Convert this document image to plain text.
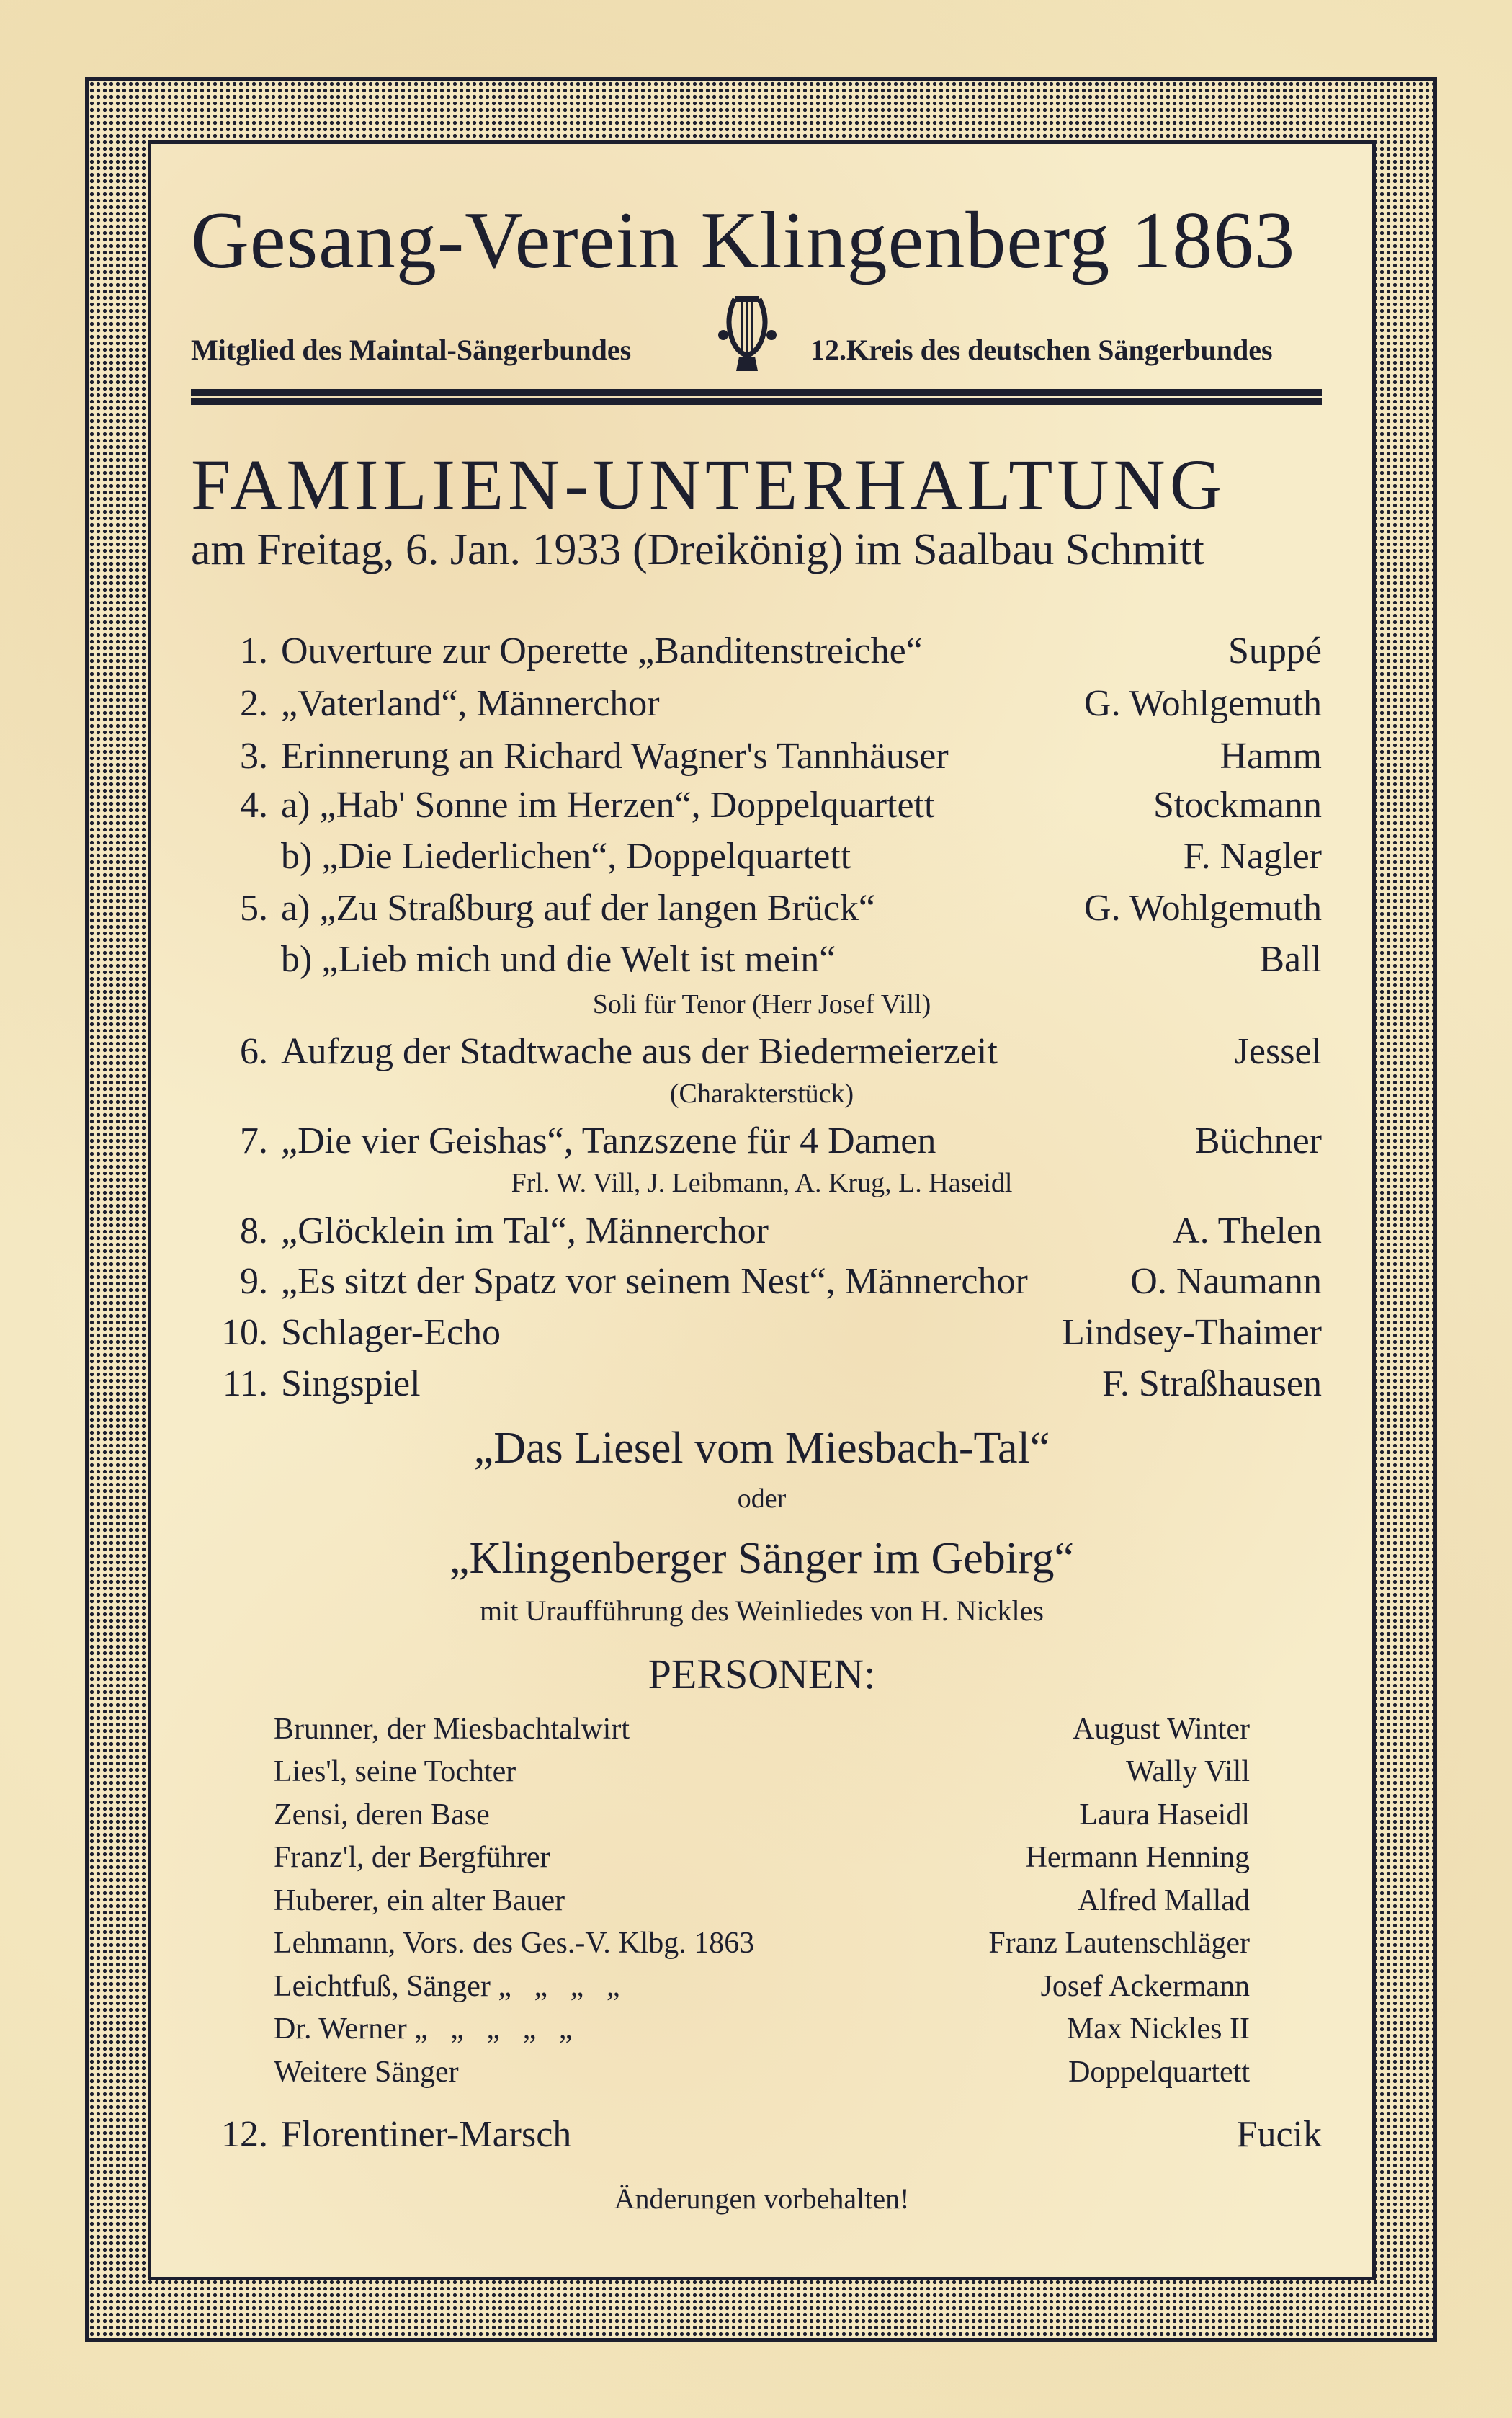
Gesang-Verein Klingenberg 1863
Mitglied des Maintal-Sängerbundes	12.Kreis des deutschen Sängerbundes
FAMILIEN-UNTERHALTUNG
am Freitag, 6. Jan. 1933 (Dreikönig) im Saalbau Schmitt
1. Ouverture zur Operette „Banditenstreiche“	Suppé
2. „Vaterland“, Männerchor	G. Wohlgemuth
3. Erinnerung an Richard Wagner's Tannhäuser	Hamm
4. a) „Hab' Sonne im Herzen“, Doppelquartett	Stockmann
b) „Die Liederlichen“, Doppelquartett	F. Nagler
5. a) „Zu Straßburg auf der langen Brück“	G. Wohlgemuth
b) „Lieb mich und die Welt ist mein“	Ball
Soli für Tenor (Herr Josef Vill)
6. Aufzug der Stadtwache aus der Biedermeierzeit	Jessel
(Charakterstück)
7. „Die vier Geishas“, Tanzszene für 4 Damen	Büchner
Frl. W. Vill, J. Leibmann, A. Krug, L. Haseidl
8. „Glöcklein im Tal“, Männerchor	A. Thelen
9. „Es sitzt der Spatz vor seinem Nest“, Männerchor	O. Naumann
10. Schlager-Echo	Lindsey-Thaimer
11. Singspiel	F. Straßhausen
„Das Liesel vom Miesbach-Tal“
oder
„Klingenberger Sänger im Gebirg“
mit Uraufführung des Weinliedes von H. Nickles
PERSONEN:
Brunner, der Miesbachtalwirt	August Winter
Lies'l, seine Tochter	Wally Vill
Zensi, deren Base	Laura Haseidl
Franz'l, der Bergführer	Hermann Henning
Huberer, ein alter Bauer	Alfred Mallad
Lehmann, Vors. des Ges.-V. Klbg. 1863	Franz Lautenschläger
Leichtfuß, Sänger „   „   „   „	Josef Ackermann
Dr. Werner „   „   „   „   „	Max Nickles II
Weitere Sänger	Doppelquartett
12. Florentiner-Marsch	Fucik
Änderungen vorbehalten!
